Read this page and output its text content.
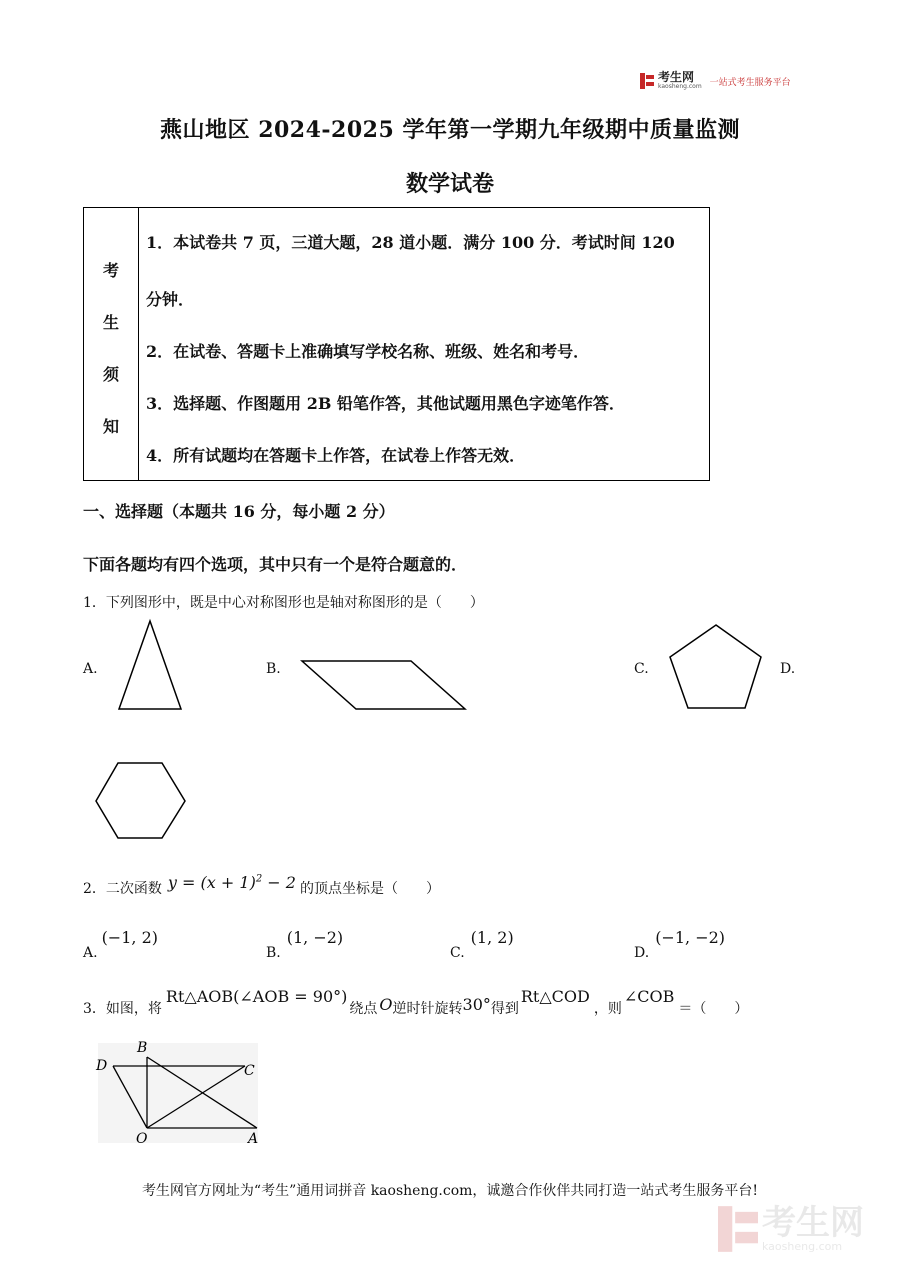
考生网
kaosheng.com 一站式考生服务平台
燕山地区 2024-2025 学年第一学期九年级期中质量监测
数学试卷
考
生
须
知
1．本试卷共 7 页，三道大题，28 道小题．满分 100 分．考试时间 120
分钟．
2．在试卷、答题卡上准确填写学校名称、班级、姓名和考号．
3．选择题、作图题用 2B 铅笔作答，其他试题用黑色字迹笔作答．
4．所有试题均在答题卡上作答，在试卷上作答无效．
一、选择题（本题共 16 分，每小题 2 分）
下面各题均有四个选项，其中只有一个是符合题意的．
1．下列图形中，既是中心对称图形也是轴对称图形的是（　　）
A.	B.	C.	D.
2．二次函数 $y = (x + 1)^2 - 2$ 的顶点坐标是（　　）
A.
(−1, 2)
B.
(1, −2)
C.
(1, 2)
D.
(−1, −2)
3．如图，将
Rt△AOB(∠AOB = 90°)
绕点 O 逆时针旋转 30° 得到
Rt△COD
，则
∠COB
＝（　　）
B
D	C
O	A
考生网官方网址为“考生”通用词拼音 kaosheng.com，诚邀合作伙伴共同打造一站式考生服务平台!
考生网
kaosheng.com
